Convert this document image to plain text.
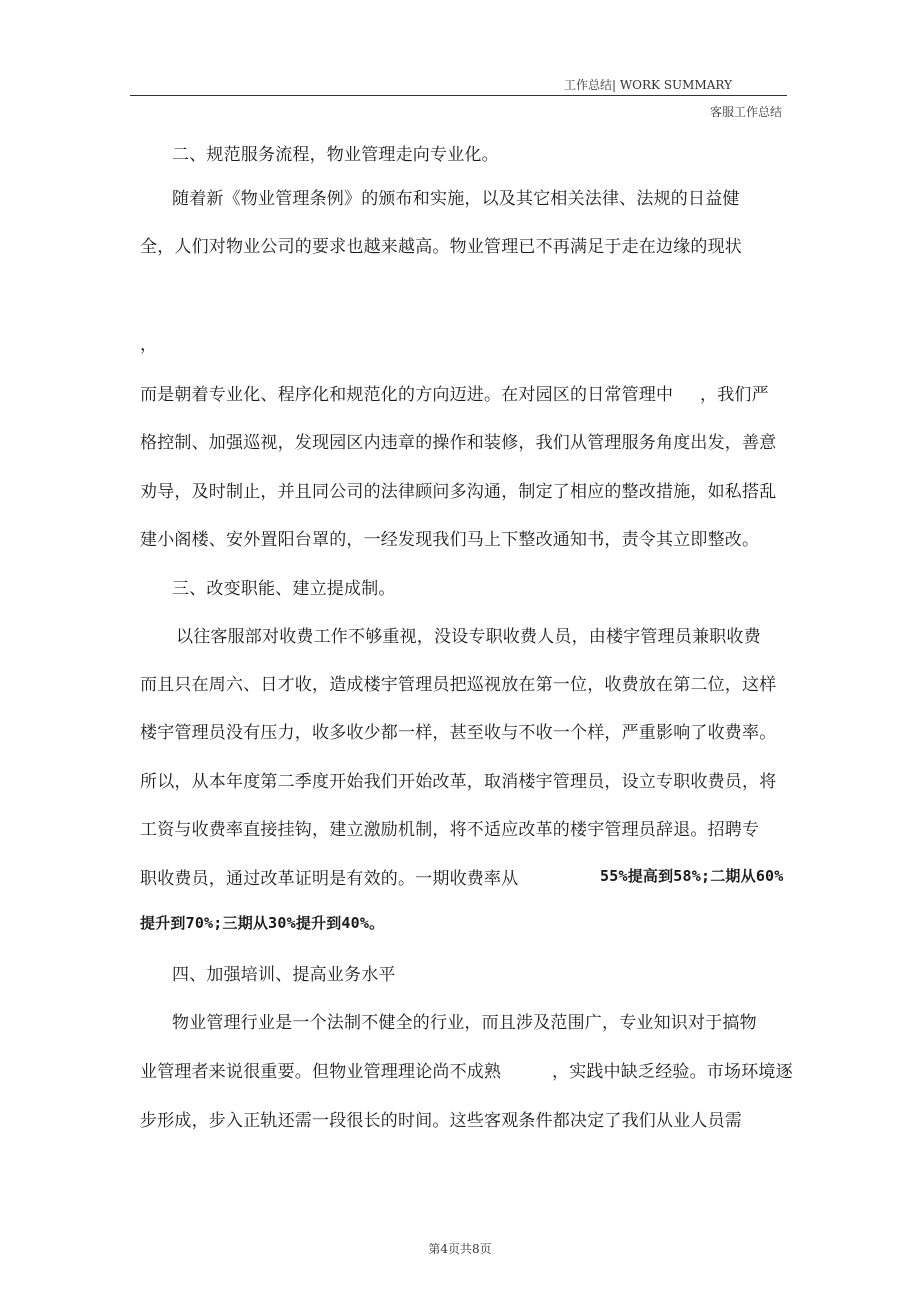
工作总结| WORK SUMMARY
客服工作总结
二、规范服务流程，物业管理走向专业化。
随着新《物业管理条例》的颁布和实施，以及其它相关法律、法规的日益健
全，人们对物业公司的要求也越来越高。物业管理已不再满足于走在边缘的现状
，
而是朝着专业化、程序化和规范化的方向迈进。在对园区的日常管理中 ，我们严
格控制、加强巡视，发现园区内违章的操作和装修，我们从管理服务角度出发，善意
劝导，及时制止，并且同公司的法律顾问多沟通，制定了相应的整改措施，如私搭乱
建小阁楼、安外置阳台罩的，一经发现我们马上下整改通知书，责令其立即整改。
三、改变职能、建立提成制。
以往客服部对收费工作不够重视，没设专职收费人员，由楼宇管理员兼职收费
而且只在周六、日才收，造成楼宇管理员把巡视放在第一位，收费放在第二位，这样
楼宇管理员没有压力，收多收少都一样，甚至收与不收一个样，严重影响了收费率。
所以，从本年度第二季度开始我们开始改革，取消楼宇管理员，设立专职收费员，将
工资与收费率直接挂钩，建立激励机制，将不适应改革的楼宇管理员辞退。招聘专
职收费员，通过改革证明是有效的。一期收费率从	55%提高到58%;二期从60%
提升到70%;三期从30%提升到40%。
四、加强培训、提高业务水平
物业管理行业是一个法制不健全的行业，而且涉及范围广，专业知识对于搞物
业管理者来说很重要。但物业管理理论尚不成熟	，实践中缺乏经验。市场环境逐
步形成，步入正轨还需一段很长的时间。这些客观条件都决定了我们从业人员需
第4页共8页
